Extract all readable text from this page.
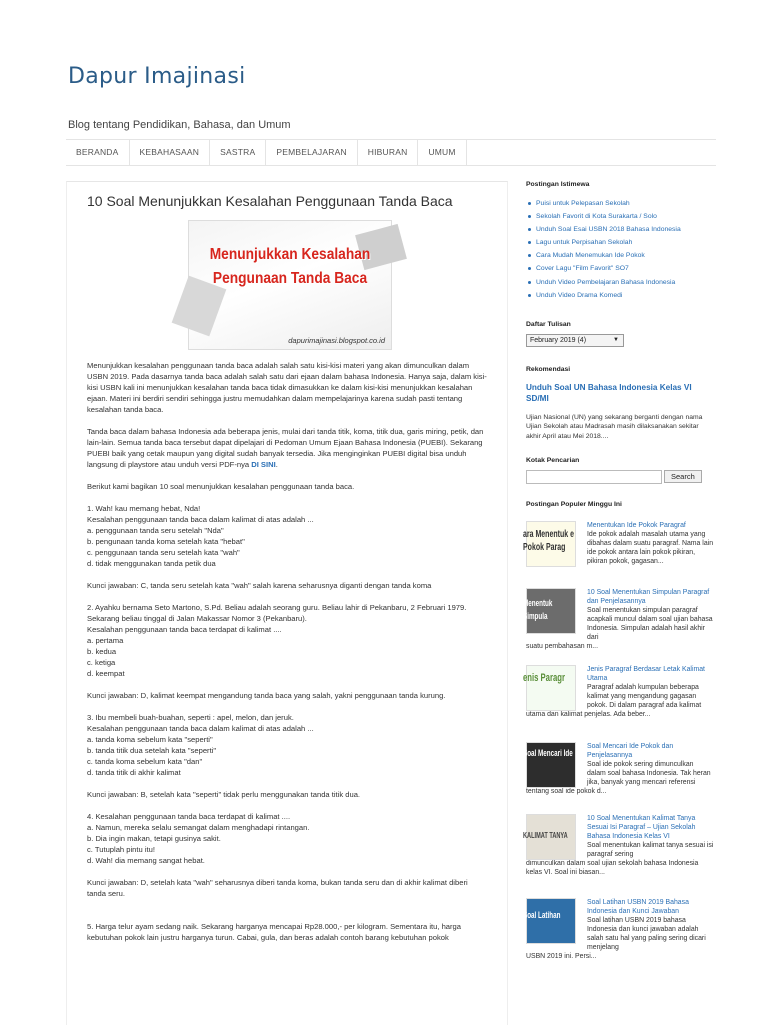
Dapur Imajinasi

Blog tentang Pendidikan, Bahasa, dan Umum

BERANDA	KEBAHASAAN	SASTRA	PEMBELAJARAN	HIBURAN	UMUM
10 Soal Menunjukkan Kesalahan Penggunaan Tanda Baca
Menunjukkan Kesalahan
Pengunaan Tanda Baca
dapurimajinasi.blogspot.co.id

Menunjukkan kesalahan penggunaan tanda baca adalah salah satu kisi-kisi materi yang akan dimunculkan dalam USBN 2019. Pada dasarnya tanda baca adalah salah satu dari ejaan dalam bahasa Indonesia. Hanya saja, dalam kisi-kisi USBN kali ini menunjukkan kesalahan tanda baca tidak dimasukkan ke dalam kisi-kisi menunjukkan kesalahan ejaan. Materi ini berdiri sendiri sehingga justru memudahkan dalam mempelajarinya karena sudah pasti tentang kesalahan tanda baca.

Tanda baca dalam bahasa Indonesia ada beberapa jenis, mulai dari tanda titik, koma, titik dua, garis miring, petik, dan lain-lain. Semua tanda baca tersebut dapat dipelajari di Pedoman Umum Ejaan Bahasa Indonesia (PUEBI). Sekarang PUEBI baik yang cetak maupun yang digital sudah banyak tersedia. Jika menginginkan PUEBI digital bisa unduh langsung di playstore atau unduh versi PDF-nya DI SINI.

Berikut kami bagikan 10 soal menunjukkan kesalahan penggunaan tanda baca.

1. Wah! kau memang hebat, Nda!
Kesalahan penggunaan tanda baca dalam kalimat di atas adalah ...
a. penggunaan tanda seru setelah "Nda"
b. pengunaan tanda koma setelah kata "hebat"
c. penggunaan tanda seru setelah kata "wah"
d. tidak menggunakan tanda petik dua

Kunci jawaban: C, tanda seru setelah kata "wah" salah karena seharusnya diganti dengan tanda koma

2. Ayahku bernama Seto Martono, S.Pd. Beliau adalah seorang guru. Beliau lahir di Pekanbaru, 2 Februari 1979. Sekarang beliau tinggal di Jalan Makassar Nomor 3 (Pekanbaru).
Kesalahan penggunaan tanda baca terdapat di kalimat ....
a. pertama
b. kedua
c. ketiga
d. keempat

Kunci jawaban: D, kalimat keempat mengandung tanda baca yang salah, yakni penggunaan tanda kurung.

3. Ibu membeli buah-buahan, seperti : apel, melon, dan jeruk.
Kesalahan penggunaan tanda baca dalam kalimat di atas adalah ...
a. tanda koma sebelum kata "seperti"
b. tanda titik dua setelah kata "seperti"
c. tanda koma sebelum kata "dan"
d. tanda titik di akhir kalimat

Kunci jawaban: B, setelah kata "seperti" tidak perlu menggunakan tanda titik dua.

4. Kesalahan penggunaan tanda baca terdapat di kalimat ....
a. Namun, mereka selalu semangat dalam menghadapi rintangan.
b. Dia ingin makan, tetapi gusinya sakit.
c. Tutuplah pintu itu!
d. Wah! dia memang sangat hebat.

Kunci jawaban: D, setelah kata "wah" seharusnya diberi tanda koma, bukan tanda seru dan di akhir kalimat diberi tanda seru.

5. Harga telur ayam sedang naik. Sekarang harganya mencapai Rp28.000,- per kilogram. Sementara itu, harga kebutuhan pokok lain justru harganya turun. Cabai, gula, dan beras adalah contoh barang kebutuhan pokok

Postingan Istimewa
Puisi untuk Pelepasan Sekolah
Sekolah Favorit di Kota Surakarta / Solo
Unduh Soal Esai USBN 2018 Bahasa Indonesia
Lagu untuk Perpisahan Sekolah
Cara Mudah Menemukan Ide Pokok
Cover Lagu "Film Favorit" SO7
Unduh Video Pembelajaran Bahasa Indonesia
Unduh Video Drama Komedi
Daftar Tulisan
February 2019 (4)	▼
Rekomendasi

Unduh Soal UN Bahasa Indonesia Kelas VI SD/MI

Ujian Nasional (UN) yang sekarang berganti dengan nama Ujian Sekolah atau Madrasah masih dilaksanakan sekitar akhir April atau Mei 2018....

Kotak Pencarian
Search
Postingan Populer Minggu Ini
ara Menentuk e Pokok Parag
Menentukan Ide Pokok Paragraf
Ide pokok adalah masalah utama yang dibahas dalam suatu paragraf. Nama lain ide pokok antara lain pokok pikiran, pikiran pokok, gagasan...
Menentuk Simpula
10 Soal Menentukan Simpulan Paragraf dan Penjelasannya
Soal menentukan simpulan paragraf acapkali muncul dalam soal ujian bahasa Indonesia. Simpulan adalah hasil akhir dari
suatu pembahasan m...
enis Paragr
Jenis Paragraf Berdasar Letak Kalimat Utama
Paragraf adalah kumpulan beberapa kalimat yang mengandung gagasan pokok. Di dalam paragraf ada kalimat
utama dan kalimat penjelas. Ada beber...
Soal Mencari Ide
Soal Mencari Ide Pokok dan Penjelasannya
Soal ide pokok sering dimunculkan dalam soal bahasa Indonesia. Tak heran jika, banyak yang mencari referensi
tentang soal ide pokok d...
KALIMAT TANYA
10 Soal Menentukan Kalimat Tanya Sesuai Isi Paragraf – Ujian Sekolah Bahasa Indonesia Kelas VI
Soal menentukan kalimat tanya sesuai isi paragraf sering
dimunculkan dalam soal ujian sekolah bahasa Indonesia kelas VI. Soal ini biasan...
Soal Latihan
Soal Latihan USBN 2019 Bahasa Indonesia dan Kunci Jawaban
Soal latihan USBN 2019 bahasa Indonesia dan kunci jawaban adalah salah satu hal yang paling sering dicari menjelang
USBN 2019 ini. Persi...
